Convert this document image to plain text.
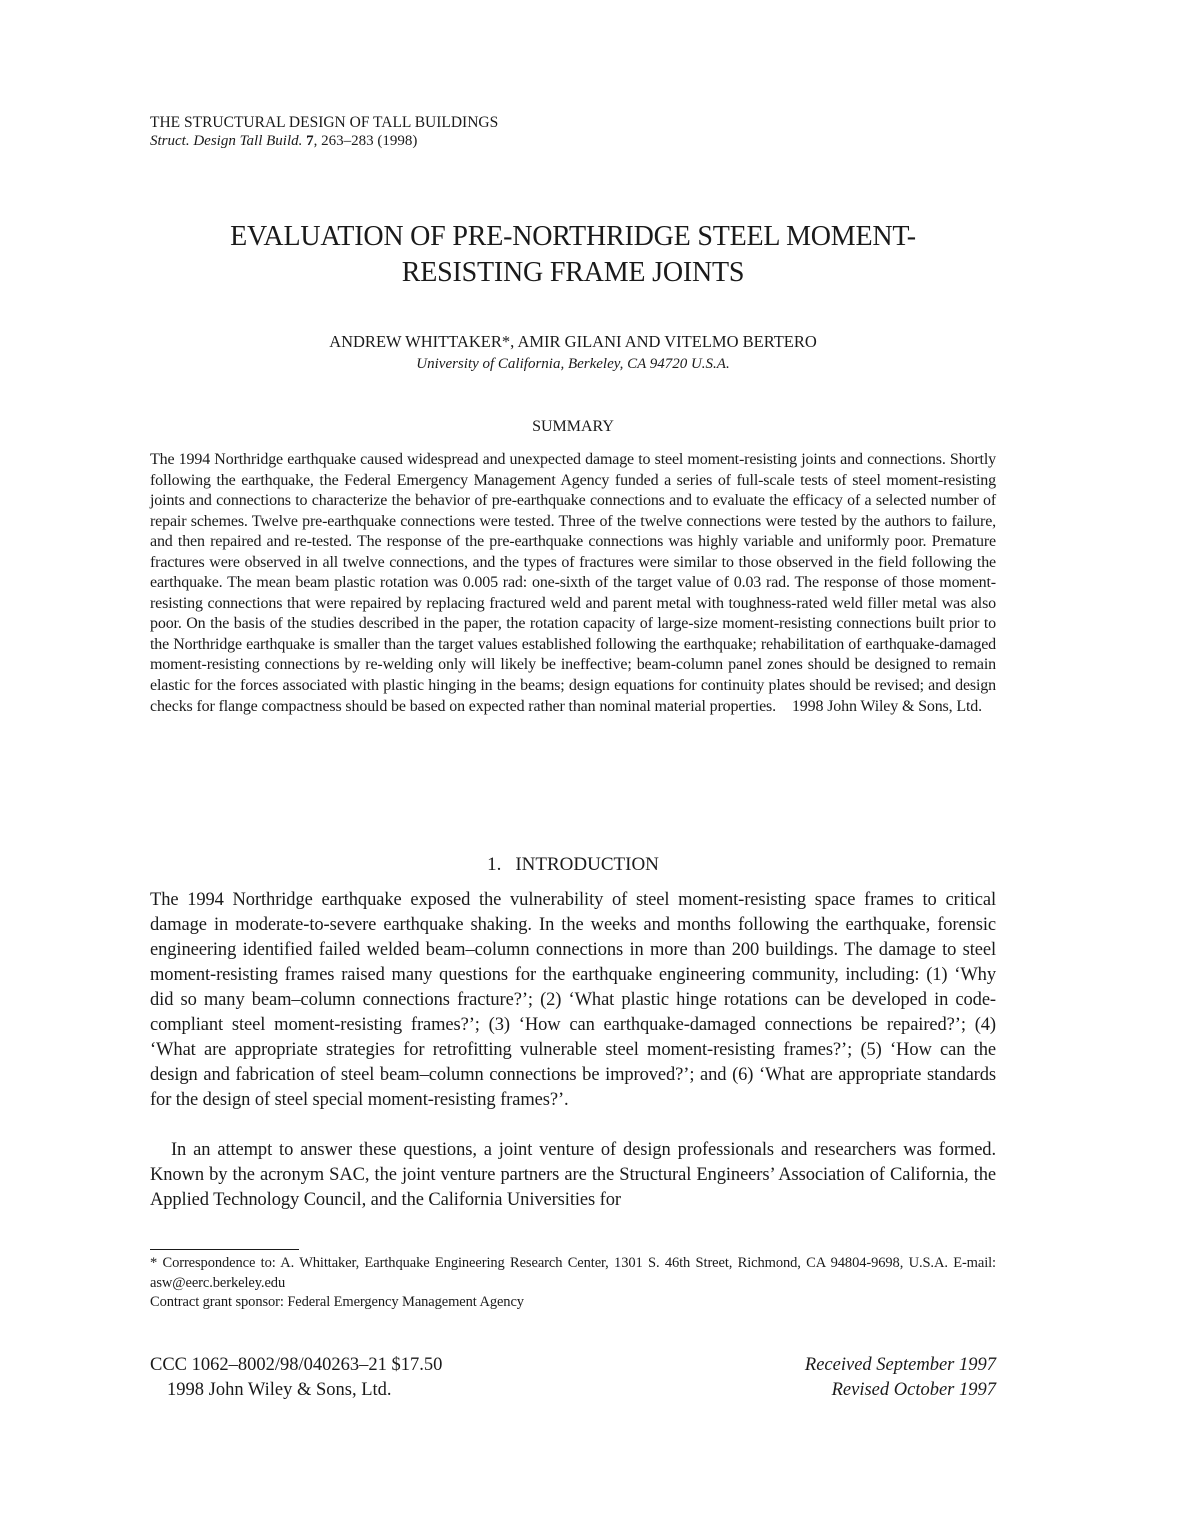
THE STRUCTURAL DESIGN OF TALL BUILDINGS
Struct. Design Tall Build. 7, 263–283 (1998)
EVALUATION OF PRE-NORTHRIDGE STEEL MOMENT-
RESISTING FRAME JOINTS
ANDREW WHITTAKER*, AMIR GILANI AND VITELMO BERTERO
University of California, Berkeley, CA 94720 U.S.A.
SUMMARY
The 1994 Northridge earthquake caused widespread and unexpected damage to steel moment-resisting joints and connections. Shortly following the earthquake, the Federal Emergency Management Agency funded a series of full-scale tests of steel moment-resisting joints and connections to characterize the behavior of pre-earthquake connections and to evaluate the efficacy of a selected number of repair schemes. Twelve pre-earthquake connections were tested. Three of the twelve connections were tested by the authors to failure, and then repaired and re-tested. The response of the pre-earthquake connections was highly variable and uniformly poor. Premature fractures were observed in all twelve connections, and the types of fractures were similar to those observed in the field following the earthquake. The mean beam plastic rotation was 0.005 rad: one-sixth of the target value of 0.03 rad. The response of those moment-resisting connections that were repaired by replacing fractured weld and parent metal with toughness-rated weld filler metal was also poor. On the basis of the studies described in the paper, the rotation capacity of large-size moment-resisting connections built prior to the Northridge earthquake is smaller than the target values established following the earthquake; rehabilitation of earthquake-damaged moment-resisting connections by re-welding only will likely be ineffective; beam-column panel zones should be designed to remain elastic for the forces associated with plastic hinging in the beams; design equations for continuity plates should be revised; and design checks for flange compactness should be based on expected rather than nominal material properties. 1998 John Wiley & Sons, Ltd.
1. INTRODUCTION
The 1994 Northridge earthquake exposed the vulnerability of steel moment-resisting space frames to critical damage in moderate-to-severe earthquake shaking. In the weeks and months following the earthquake, forensic engineering identified failed welded beam–column connections in more than 200 buildings. The damage to steel moment-resisting frames raised many questions for the earthquake engineering community, including: (1) ‘Why did so many beam–column connections fracture?’; (2) ‘What plastic hinge rotations can be developed in code-compliant steel moment-resisting frames?’; (3) ‘How can earthquake-damaged connections be repaired?’; (4) ‘What are appropriate strategies for retrofitting vulnerable steel moment-resisting frames?’; (5) ‘How can the design and fabrication of steel beam–column connections be improved?’; and (6) ‘What are appropriate standards for the design of steel special moment-resisting frames?’.
In an attempt to answer these questions, a joint venture of design professionals and researchers was formed. Known by the acronym SAC, the joint venture partners are the Structural Engineers’ Association of California, the Applied Technology Council, and the California Universities for
* Correspondence to: A. Whittaker, Earthquake Engineering Research Center, 1301 S. 46th Street, Richmond, CA 94804-9698, U.S.A. E-mail: asw@eerc.berkeley.edu
Contract grant sponsor: Federal Emergency Management Agency
CCC 1062–8002/98/040263–21 $17.50
1998 John Wiley & Sons, Ltd.
Received September 1997
Revised October 1997
